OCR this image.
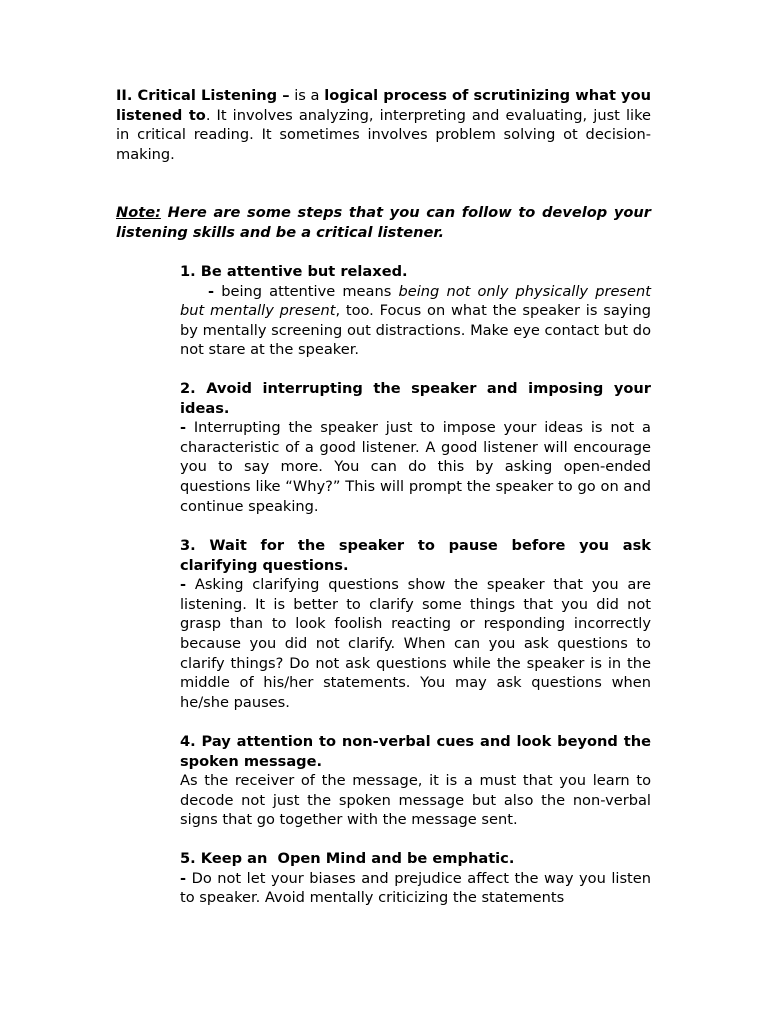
II. Critical Listening – is a logical process of scrutinizing what you listened to. It involves analyzing, interpreting and evaluating, just like in critical reading. It sometimes involves problem solving ot decision-making.

Note: Here are some steps that you can follow to develop your listening skills and be a critical listener.

1. Be attentive but relaxed.

- being attentive means being not only physically present but mentally present, too. Focus on what the speaker is saying by mentally screening out distractions. Make eye contact but do not stare at the speaker.

2. Avoid interrupting the speaker and imposing your ideas.

- Interrupting the speaker just to impose your ideas is not a characteristic of a good listener. A good listener will encourage you to say more. You can do this by asking open-ended questions like “Why?” This will prompt the speaker to go on and continue speaking.

3. Wait for the speaker to pause before you ask clarifying questions.

- Asking clarifying questions show the speaker that you are listening. It is better to clarify some things that you did not grasp than to look foolish reacting or responding incorrectly because you did not clarify. When can you ask questions to clarify things? Do not ask questions while the speaker is in the middle of his/her statements. You may ask questions when he/she pauses.

4. Pay attention to non-verbal cues and look beyond the spoken message.

As the receiver of the message, it is a must that you learn to decode not just the spoken message but also the non-verbal signs that go together with the message sent.

5. Keep an  Open Mind and be emphatic.

- Do not let your biases and prejudice affect the way you listen to speaker. Avoid mentally criticizing the statements
